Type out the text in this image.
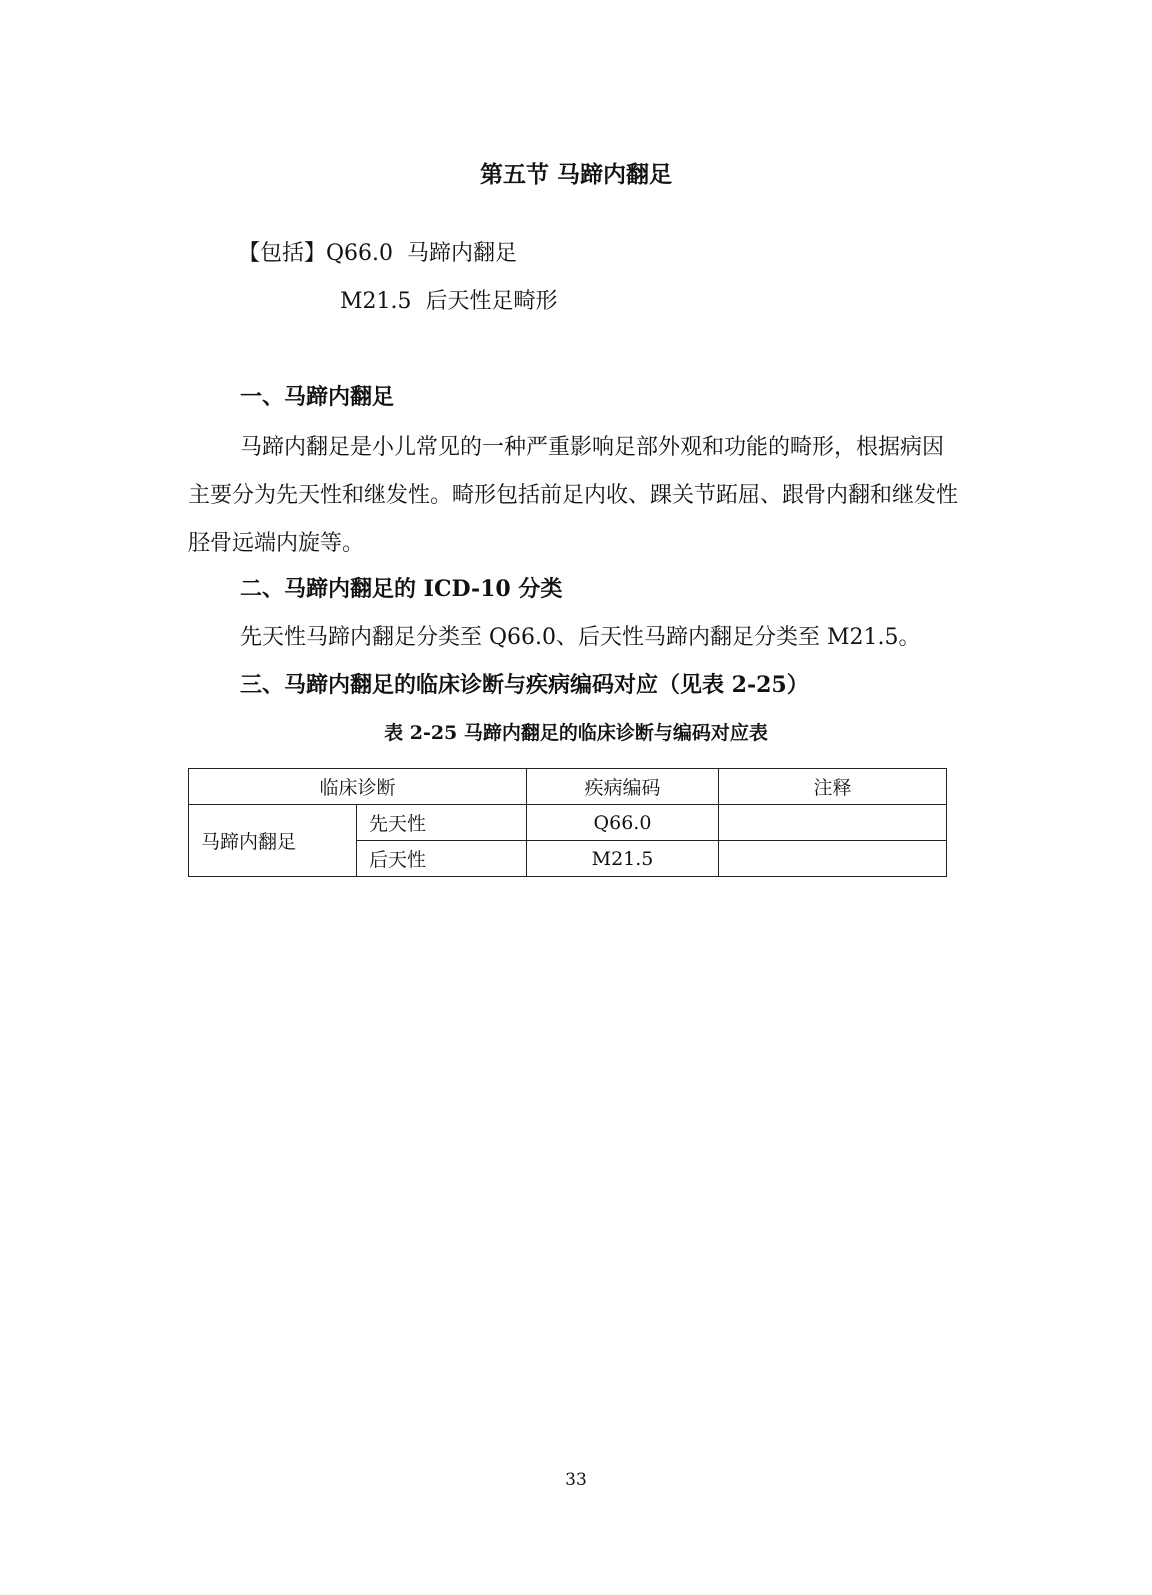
第五节 马蹄内翻足
【包括】Q66.0 马蹄内翻足
M21.5 后天性足畸形
一、马蹄内翻足
马蹄内翻足是小儿常见的一种严重影响足部外观和功能的畸形，根据病因主要分为先天性和继发性。畸形包括前足内收、踝关节跖屈、跟骨内翻和继发性胫骨远端内旋等。
二、马蹄内翻足的 ICD-10 分类
先天性马蹄内翻足分类至 Q66.0、后天性马蹄内翻足分类至 M21.5。
三、马蹄内翻足的临床诊断与疾病编码对应（见表 2-25）
表 2-25 马蹄内翻足的临床诊断与编码对应表
临床诊断		疾病编码	注释
马蹄内翻足	先天性	Q66.0	
	后天性	M21.5	
33
